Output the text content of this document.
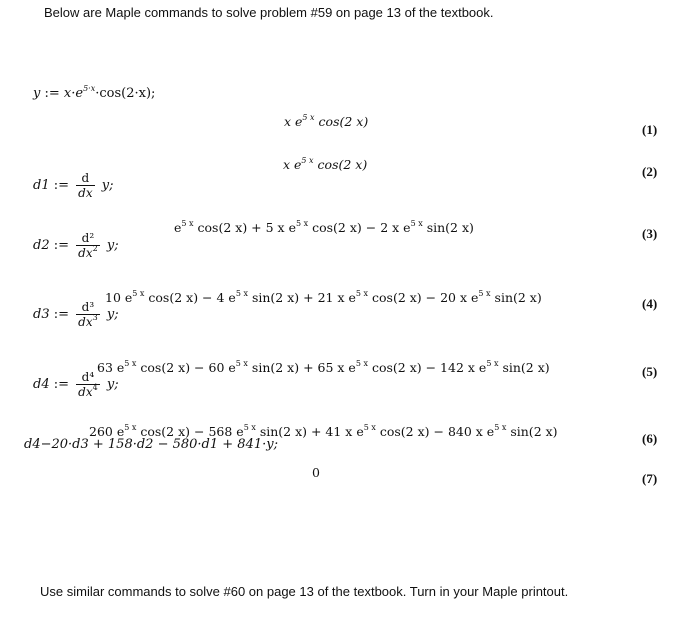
Below are Maple commands to solve problem #59 on page 13 of the textbook.
y := $x\cdot e^{5\cdot x}\cdot\cos(2\cdot x)$;
d1 := $\frac{d}{dx} y$;
d2 := $\frac{\text{d²}}{dx^2} y$;
d3 := $\frac{\text{d³}}{dx^3} y$;
d4 := $\frac{\text{d⁴}}{dx^4} y$;
d4−20·d3 + 158·d2 − 580·d1 + 841·y;
x $e^{5 x}$ cos(2 x)
x $e^{5 x}$ cos(2 x)
$e^{5 x}$ cos(2 x) + 5 x $e^{5 x}$ cos(2 x) − 2 x $e^{5 x}$ sin(2 x)
10 $e^{5 x}$ cos(2 x) − 4 $e^{5 x}$ sin(2 x) + 21 x $e^{5 x}$ cos(2 x) − 20 x $e^{5 x}$ sin(2 x)
63 $e^{5 x}$ cos(2 x) − 60 $e^{5 x}$ sin(2 x) + 65 x $e^{5 x}$ cos(2 x) − 142 x $e^{5 x}$ sin(2 x)
260 $e^{5 x}$ cos(2 x) − 568 $e^{5 x}$ sin(2 x) + 41 x $e^{5 x}$ cos(2 x) − 840 x $e^{5 x}$ sin(2 x)
0
(1)
(2)
(3)
(4)
(5)
(6)
(7)
Use similar commands to solve #60 on page 13 of the textbook. Turn in your Maple printout.
